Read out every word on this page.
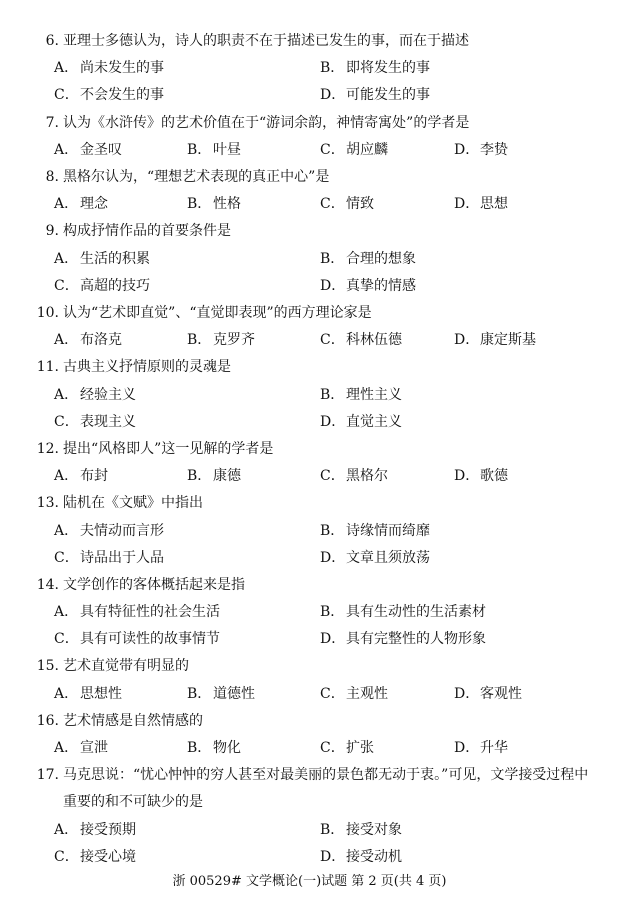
6. 亚理士多德认为，诗人的职责不在于描述已发生的事，而在于描述
A． 尚未发生的事	B． 即将发生的事
C．不会发生的事	D．可能发生的事
7. 认为《水浒传》的艺术价值在于“游词余韵，神情寄寓处”的学者是
A． 金圣叹	B． 叶昼	C．胡应麟	D．李贽
8. 黑格尔认为，“理想艺术表现的真正中心”是
A． 理念	B． 性格	C．情致	D．思想
9. 构成抒情作品的首要条件是
A． 生活的积累	B． 合理的想象
C．高超的技巧	D．真挚的情感
10. 认为“艺术即直觉”、“直觉即表现”的西方理论家是
A． 布洛克	B． 克罗齐	C．科林伍德	D．康定斯基
11. 古典主义抒情原则的灵魂是
A． 经验主义	B． 理性主义
C．表现主义	D．直觉主义
12. 提出“风格即人”这一见解的学者是
A． 布封	B． 康德	C．黑格尔	D．歌德
13. 陆机在《文赋》中指出
A． 夫情动而言形	B． 诗缘情而绮靡
C．诗品出于人品	D．文章且须放荡
14. 文学创作的客体概括起来是指
A． 具有特征性的社会生活	B． 具有生动性的生活素材
C．具有可读性的故事情节	D．具有完整性的人物形象
15. 艺术直觉带有明显的
A． 思想性	B． 道德性	C．主观性	D．客观性
16. 艺术情感是自然情感的
A． 宣泄	B． 物化	C．扩张	D．升华
17. 马克思说：“忧心忡忡的穷人甚至对最美丽的景色都无动于衷。”可见，文学接受过程中重要的和不可缺少的是
A． 接受预期	B． 接受对象
C．接受心境	D．接受动机
浙 00529# 文学概论(一)试题 第 2 页(共 4 页)
